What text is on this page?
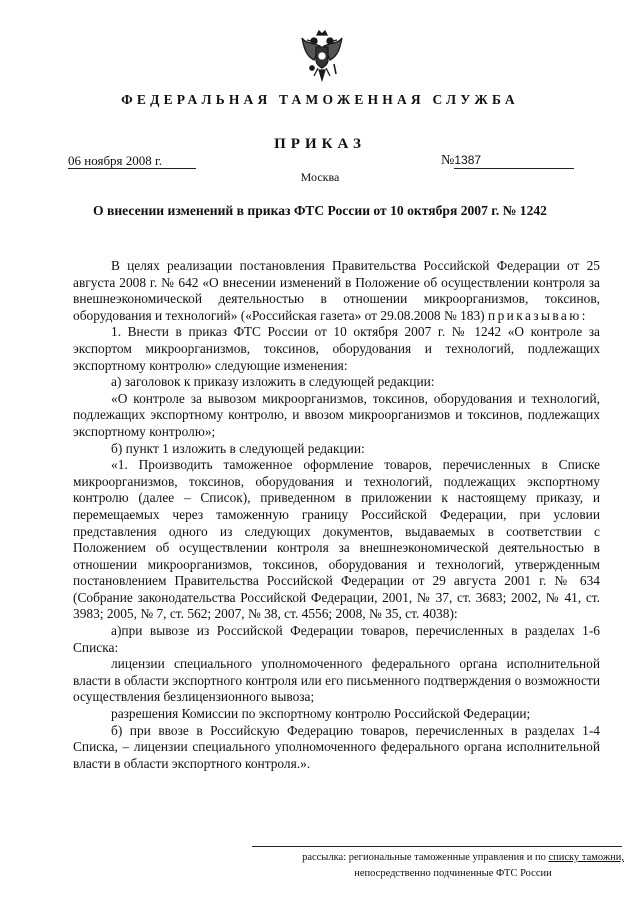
ФЕДЕРАЛЬНАЯ ТАМОЖЕННАЯ СЛУЖБА
ПРИКАЗ
06 ноября 2008 г.	№1387
Москва
О внесении изменений в приказ ФТС России от 10 октября 2007 г. № 1242

В целях реализации постановления Правительства Российской Федерации от 25 августа 2008 г. № 642 «О внесении изменений в Положение об осуществлении контроля за внешнеэкономической деятельностью в отношении микроорганизмов, токсинов, оборудования и технологий» («Российская газета» от 29.08.2008 № 183) приказываю:

1. Внести в приказ ФТС России от 10 октября 2007 г. № 1242 «О контроле за экспортом микроорганизмов, токсинов, оборудования и технологий, подлежащих экспортному контролю» следующие изменения:

а) заголовок к приказу изложить в следующей редакции:

«О контроле за вывозом микроорганизмов, токсинов, оборудования и технологий, подлежащих экспортному контролю, и ввозом микроорганизмов и токсинов, подлежащих экспортному контролю»;

б) пункт 1 изложить в следующей редакции:

«1. Производить таможенное оформление товаров, перечисленных в Списке микроорганизмов, токсинов, оборудования и технологий, подлежащих экспортному контролю (далее – Список), приведенном в приложении к настоящему приказу, и перемещаемых через таможенную границу Российской Федерации, при условии представления одного из следующих документов, выдаваемых в соответствии с Положением об осуществлении контроля за внешнеэкономической деятельностью в отношении микроорганизмов, токсинов, оборудования и технологий, утвержденным постановлением Правительства Российской Федерации от 29 августа 2001 г. № 634 (Собрание законодательства Российской Федерации, 2001, № 37, ст. 3683; 2002, № 41, ст. 3983; 2005, № 7, ст. 562; 2007, № 38, ст. 4556; 2008, № 35, ст. 4038):

а)при вывозе из Российской Федерации товаров, перечисленных в разделах 1-6 Списка:

лицензии специального уполномоченного федерального органа исполнительной власти в области экспортного контроля или его письменного подтверждения о возможности осуществления безлицензионного вывоза;

разрешения Комиссии по экспортному контролю Российской Федерации;

б) при ввозе в Российскую Федерацию товаров, перечисленных в разделах 1-4 Списка, – лицензии специального уполномоченного федерального органа исполнительной власти в области экспортного контроля.».

рассылка: региональные таможенные управления и по списку таможни,
непосредственно подчиненные ФТС России
